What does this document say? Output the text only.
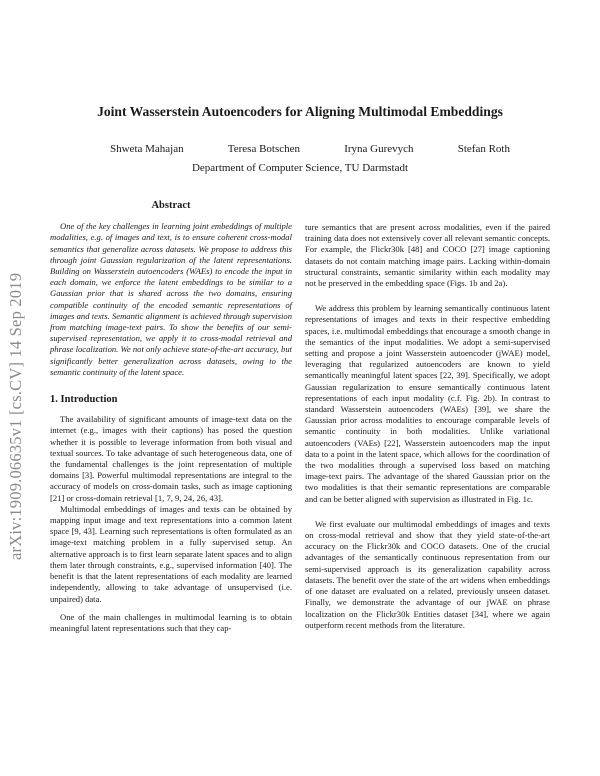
arXiv:1909.06635v1 [cs.CV] 14 Sep 2019
Joint Wasserstein Autoencoders for Aligning Multimodal Embeddings
Shweta Mahajan	Teresa Botschen	Iryna Gurevych	Stefan Roth
Department of Computer Science, TU Darmstadt
Abstract

One of the key challenges in learning joint embeddings of multiple modalities, e.g. of images and text, is to ensure coherent cross-modal semantics that generalize across datasets. We propose to address this through joint Gaussian regularization of the latent representations. Building on Wasserstein autoencoders (WAEs) to encode the input in each domain, we enforce the latent embeddings to be similar to a Gaussian prior that is shared across the two domains, ensuring compatible continuity of the encoded semantic representations of images and texts. Semantic alignment is achieved through supervision from matching image-text pairs. To show the benefits of our semi-supervised representation, we apply it to cross-modal retrieval and phrase localization. We not only achieve state-of-the-art accuracy, but significantly better generalization across datasets, owing to the semantic continuity of the latent space.

1. Introduction

The availability of significant amounts of image-text data on the internet (e.g., images with their captions) has posed the question whether it is possible to leverage information from both visual and textual sources. To take advantage of such heterogeneous data, one of the fundamental challenges is the joint representation of multiple domains [3]. Powerful multimodal representations are integral to the accuracy of models on cross-domain tasks, such as image captioning [21] or cross-domain retrieval [1, 7, 9, 24, 26, 43].

Multimodal embeddings of images and texts can be obtained by mapping input image and text representations into a common latent space [9, 43]. Learning such representations is often formulated as an image-text matching problem in a fully supervised setup. An alternative approach is to first learn separate latent spaces and to align them later through constraints, e.g., supervised information [40]. The benefit is that the latent representations of each modality are learned independently, allowing to take advantage of unsupervised (i.e. unpaired) data.

One of the main challenges in multimodal learning is to obtain meaningful latent representations such that they cap-

ture semantics that are present across modalities, even if the paired training data does not extensively cover all relevant semantic concepts. For example, the Flickr30k [48] and COCO [27] image captioning datasets do not contain matching image pairs. Lacking within-domain structural constraints, semantic similarity within each modality may not be preserved in the embedding space (Figs. 1b and 2a).

We address this problem by learning semantically continuous latent representations of images and texts in their respective embedding spaces, i.e. multimodal embeddings that encourage a smooth change in the semantics of the input modalities. We adopt a semi-supervised setting and propose a joint Wasserstein autoencoder (jWAE) model, leveraging that regularized autoencoders are known to yield semantically meaningful latent spaces [22, 39]. Specifically, we adopt Gaussian regularization to ensure semantically continuous latent representations of each input modality (c.f. Fig. 2b). In contrast to standard Wasserstein autoencoders (WAEs) [39], we share the Gaussian prior across modalities to encourage comparable levels of semantic continuity in both modalities. Unlike variational autoencoders (VAEs) [22], Wasserstein autoencoders map the input data to a point in the latent space, which allows for the coordination of the two modalities through a supervised loss based on matching image-text pairs. The advantage of the shared Gaussian prior on the two modalities is that their semantic representations are comparable and can be better aligned with supervision as illustrated in Fig. 1c.

We first evaluate our multimodal embeddings of images and texts on cross-modal retrieval and show that they yield state-of-the-art accuracy on the Flickr30k and COCO datasets. One of the crucial advantages of the semantically continuous representation from our semi-supervised approach is its generalization capability across datasets. The benefit over the state of the art widens when embeddings of one dataset are evaluated on a related, previously unseen dataset. Finally, we demonstrate the advantage of our jWAE on phrase localization on the Flickr30k Entities dataset [34], where we again outperform recent methods from the literature.
